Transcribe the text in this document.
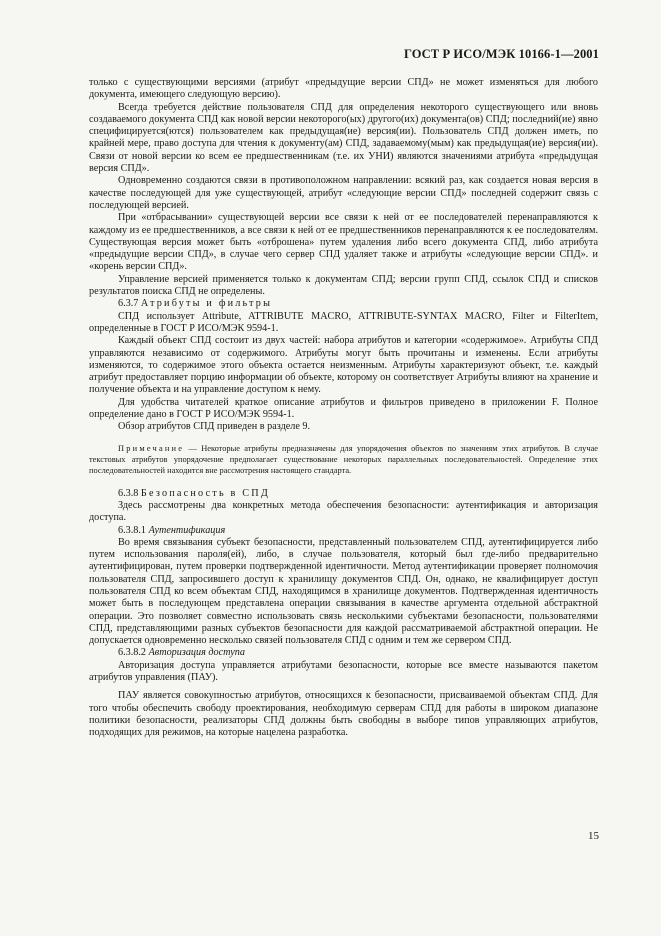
ГОСТ Р ИСО/МЭК 10166-1—2001

только с существующими версиями (атрибут «предыдущие версии СПД» не может изменяться для любого документа, имеющего следующую версию).

Всегда требуется действие пользователя СПД для определения некоторого существующего или вновь создаваемого документа СПД как новой версии некоторого(ых) другого(их) документа(ов) СПД; последний(ие) явно специфицируется(ются) пользователем как предыдущая(ие) версия(ии). Пользователь СПД должен иметь, по крайней мере, право доступа для чтения к документу(ам) СПД, задаваемому(мым) как предыдущая(ие) версия(ии). Связи от новой версии ко всем ее предшественникам (т.е. их УНИ) являются значениями атрибута «предыдущая версия СПД».

Одновременно создаются связи в противоположном направлении: всякий раз, как создается новая версия в качестве последующей для уже существующей, атрибут «следующие версии СПД» последней содержит связь с последующей версией.

При «отбрасывании» существующей версии все связи к ней от ее последователей перенаправляются к каждому из ее предшественников, а все связи к ней от ее предшественников перенаправляются к ее последователям. Существующая версия может быть «отброшена» путем удаления либо всего документа СПД, либо атрибута «предыдущие версии СПД», в случае чего сервер СПД удаляет также и атрибуты «следующие версии СПД». и «корень версии СПД».

Управление версией применяется только к документам СПД; версии групп СПД, ссылок СПД и списков результатов поиска СПД не определены.

6.3.7 Атрибуты и фильтры

СПД использует Attribute, ATTRIBUTE MACRO, ATTRIBUTE-SYNTAX MACRO, Filter и FilterItem, определенные в ГОСТ Р ИСО/МЭК 9594-1.

Каждый объект СПД состоит из двух частей: набора атрибутов и категории «содержимое». Атрибуты СПД управляются независимо от содержимого. Атрибуты могут быть прочитаны и изменены. Если атрибуты изменяются, то содержимое этого объекта остается неизменным. Атрибуты характеризуют объект, т.е. каждый атрибут предоставляет порцию информации об объекте, которому он соответствует Атрибуты влияют на хранение и получение объекта и на управление доступом к нему.

Для удобства читателей краткое описание атрибутов и фильтров приведено в приложении F. Полное определение дано в ГОСТ Р ИСО/МЭК 9594-1.

Обзор атрибутов СПД приведен в разделе 9.

Примечание — Некоторые атрибуты предназначены для упорядочения объектов по значениям этих атрибутов. В случае текстовых атрибутов упорядочение предполагает существование некоторых параллельных последовательностей. Определение этих последовательностей находится вне рассмотрения настоящего стандарта.

6.3.8 Безопасность в СПД

Здесь рассмотрены два конкретных метода обеспечения безопасности: аутентификация и авторизация доступа.

6.3.8.1 Аутентификация

Во время связывания субъект безопасности, представленный пользователем СПД, аутентифицируется либо путем использования пароля(ей), либо, в случае пользователя, который был где-либо предварительно аутентифицирован, путем проверки подтвержденной идентичности. Метод аутентификации проверяет полномочия пользователя СПД, запросившего доступ к хранилищу документов СПД. Он, однако, не квалифицирует доступ пользователя СПД ко всем объектам СПД, находящимся в хранилище документов. Подтвержденная идентичность может быть в последующем представлена операции связывания в качестве аргумента отдельной абстрактной операции. Это позволяет совместно использовать связь несколькими субъектами безопасности, пользователями СПД, представляющими разных субъектов безопасности для каждой рассматриваемой абстрактной операции. Не допускается одновременно несколько связей пользователя СПД с одним и тем же сервером СПД.

6.3.8.2 Авторизация доступа

Авторизация доступа управляется атрибутами безопасности, которые все вместе называются пакетом атрибутов управления (ПАУ).

ПАУ является совокупностью атрибутов, относящихся к безопасности, присваиваемой объектам СПД. Для того чтобы обеспечить свободу проектирования, необходимую серверам СПД для работы в широком диапазоне политики безопасности, реализаторы СПД должны быть свободны в выборе типов управляющих атрибутов, подходящих для режимов, на которые нацелена разработка.

15
